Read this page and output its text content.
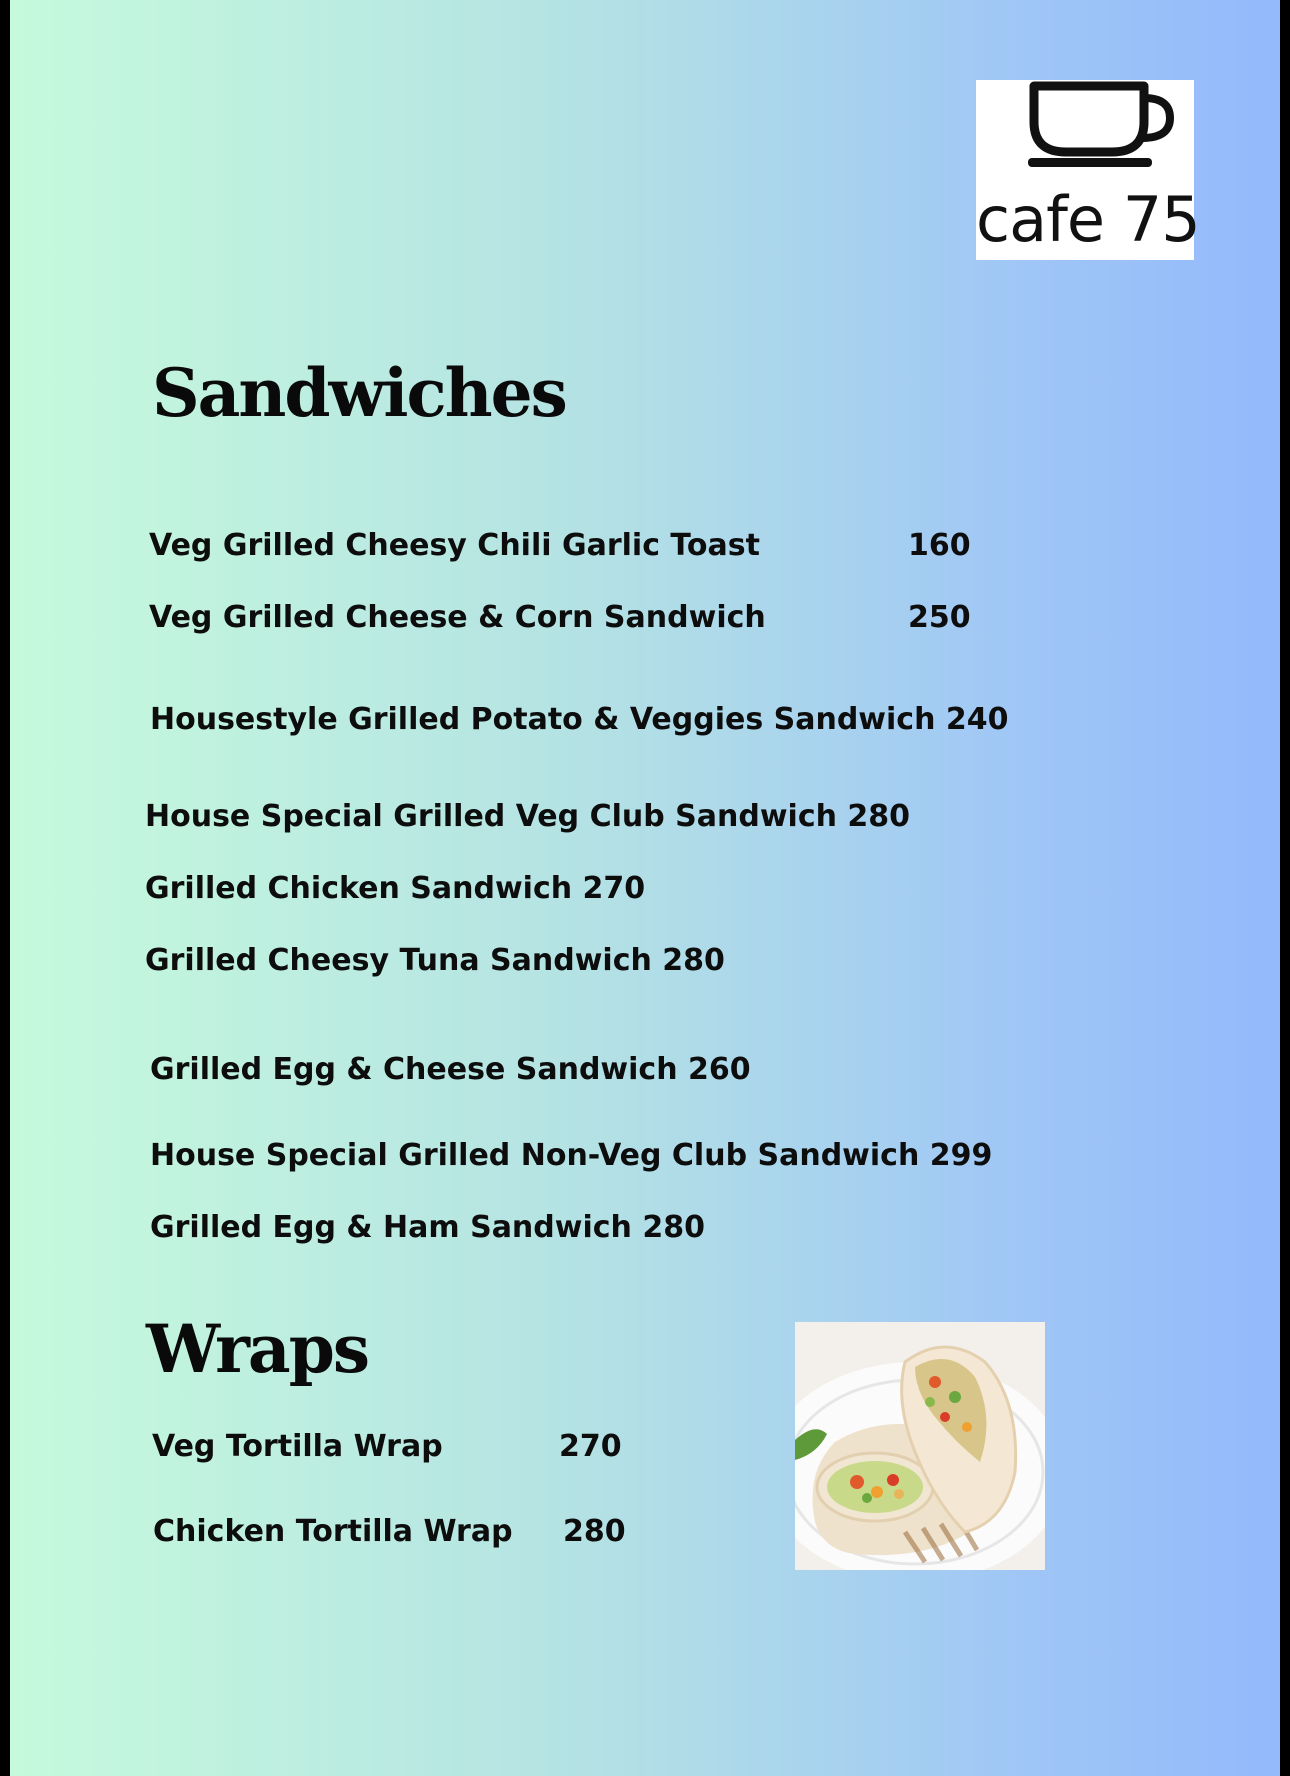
cafe 75
Sandwiches
Veg Grilled Cheesy Chili Garlic Toast	160
Veg Grilled Cheese & Corn Sandwich	250
Housestyle Grilled Potato & Veggies Sandwich 240
House Special Grilled Veg Club Sandwich 280
Grilled Chicken Sandwich 270
Grilled Cheesy Tuna Sandwich 280
Grilled Egg & Cheese Sandwich 260
House Special Grilled Non-Veg Club Sandwich 299
Grilled Egg & Ham Sandwich 280
Wraps
Veg Tortilla Wrap	270
Chicken Tortilla Wrap 280
